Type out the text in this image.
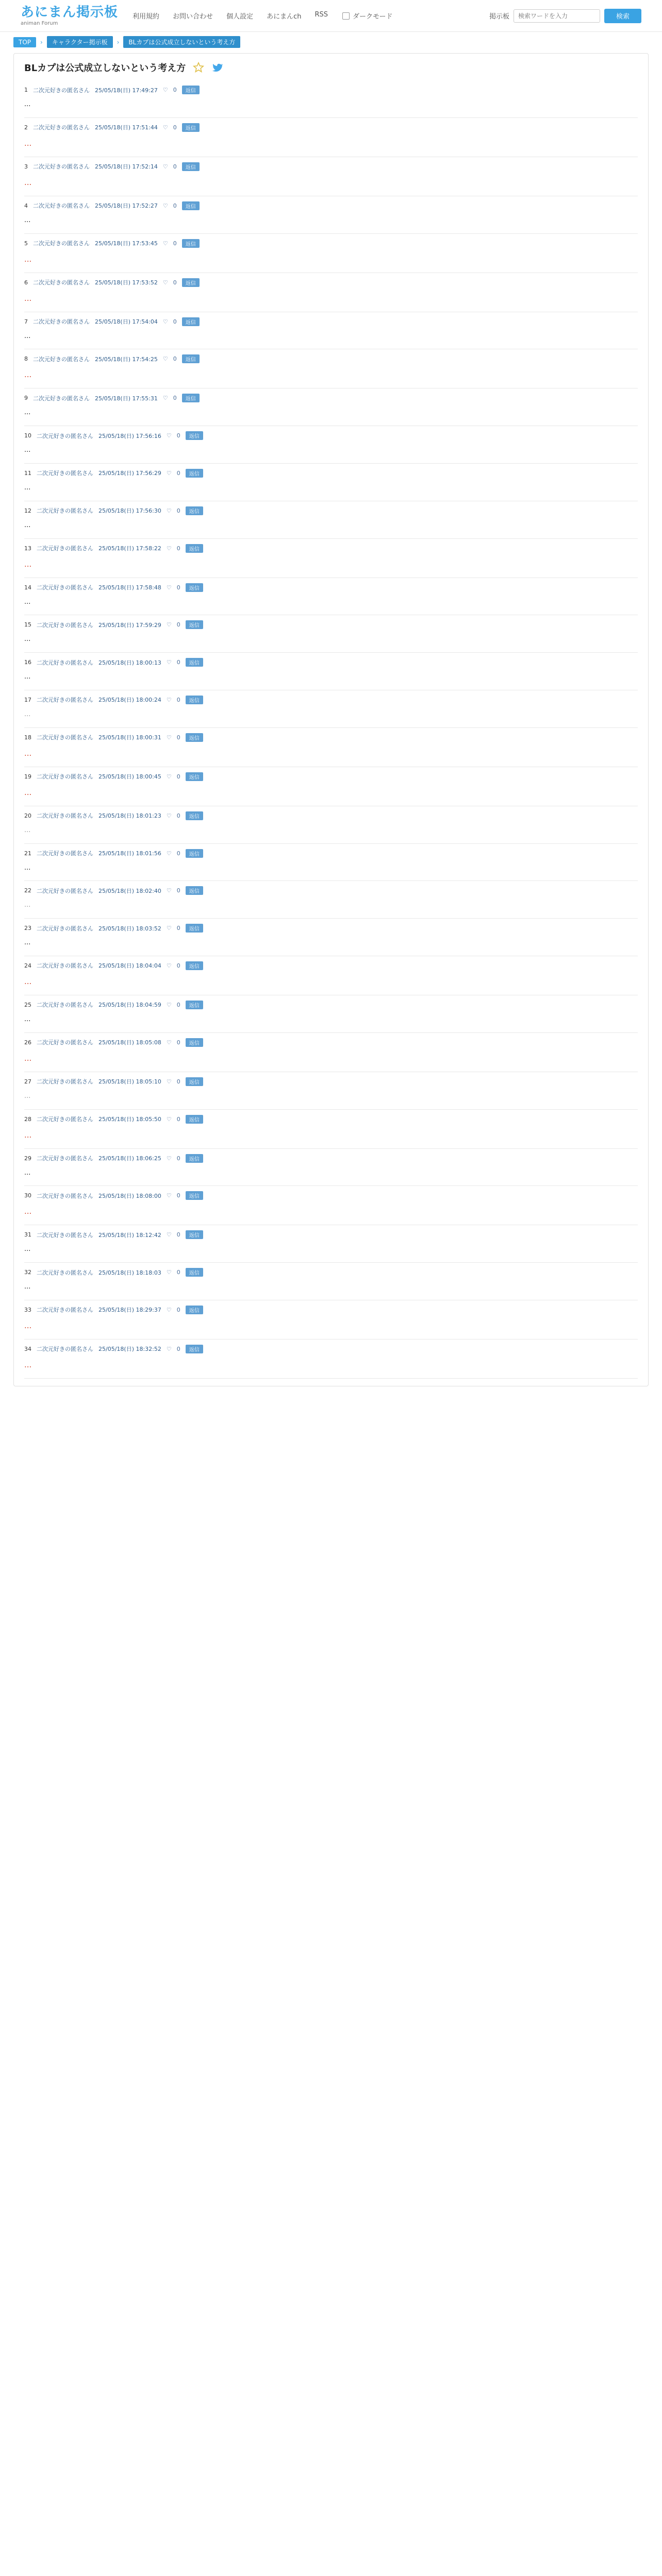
あにまん掲示板
animan Forum
利用規約 お問い合わせ 個人設定 あにまんch RSS	ダークモード	掲示板
検索ワードを入力	検索
TOP	›	キャラクター掲示板	›	BLカプは公式成立しないという考え方
BLカプは公式成立しないという考え方
1 二次元好きの匿名さん 25/05/18(日) 17:49:27 ♡ 0	返信
...
2 二次元好きの匿名さん 25/05/18(日) 17:51:44 ♡ 0	返信
...
3 二次元好きの匿名さん 25/05/18(日) 17:52:14 ♡ 0	返信
...
4 二次元好きの匿名さん 25/05/18(日) 17:52:27 ♡ 0	返信
...
5 二次元好きの匿名さん 25/05/18(日) 17:53:45 ♡ 0	返信
...
6 二次元好きの匿名さん 25/05/18(日) 17:53:52 ♡ 0	返信
...
7 二次元好きの匿名さん 25/05/18(日) 17:54:04 ♡ 0	返信
...
8 二次元好きの匿名さん 25/05/18(日) 17:54:25 ♡ 0	返信
...
9 二次元好きの匿名さん 25/05/18(日) 17:55:31 ♡ 0	返信
...
10 二次元好きの匿名さん 25/05/18(日) 17:56:16 ♡ 0	返信
...
11 二次元好きの匿名さん 25/05/18(日) 17:56:29 ♡ 0	返信
...
12 二次元好きの匿名さん 25/05/18(日) 17:56:30 ♡ 0	返信
...
13 二次元好きの匿名さん 25/05/18(日) 17:58:22 ♡ 0	返信
...
14 二次元好きの匿名さん 25/05/18(日) 17:58:48 ♡ 0	返信
...
15 二次元好きの匿名さん 25/05/18(日) 17:59:29 ♡ 0	返信
...
16 二次元好きの匿名さん 25/05/18(日) 18:00:13 ♡ 0	返信
...
17 二次元好きの匿名さん 25/05/18(日) 18:00:24 ♡ 0	返信
...
18 二次元好きの匿名さん 25/05/18(日) 18:00:31 ♡ 0	返信
...
19 二次元好きの匿名さん 25/05/18(日) 18:00:45 ♡ 0	返信
...
20 二次元好きの匿名さん 25/05/18(日) 18:01:23 ♡ 0	返信
...
21 二次元好きの匿名さん 25/05/18(日) 18:01:56 ♡ 0	返信
...
22 二次元好きの匿名さん 25/05/18(日) 18:02:40 ♡ 0	返信
...
23 二次元好きの匿名さん 25/05/18(日) 18:03:52 ♡ 0	返信
...
24 二次元好きの匿名さん 25/05/18(日) 18:04:04 ♡ 0	返信
...
25 二次元好きの匿名さん 25/05/18(日) 18:04:59 ♡ 0	返信
...
26 二次元好きの匿名さん 25/05/18(日) 18:05:08 ♡ 0	返信
...
27 二次元好きの匿名さん 25/05/18(日) 18:05:10 ♡ 0	返信
...
28 二次元好きの匿名さん 25/05/18(日) 18:05:50 ♡ 0	返信
...
29 二次元好きの匿名さん 25/05/18(日) 18:06:25 ♡ 0	返信
...
30 二次元好きの匿名さん 25/05/18(日) 18:08:00 ♡ 0	返信
...
31 二次元好きの匿名さん 25/05/18(日) 18:12:42 ♡ 0	返信
...
32 二次元好きの匿名さん 25/05/18(日) 18:18:03 ♡ 0	返信
...
33 二次元好きの匿名さん 25/05/18(日) 18:29:37 ♡ 0	返信
...
34 二次元好きの匿名さん 25/05/18(日) 18:32:52 ♡ 0	返信
...
